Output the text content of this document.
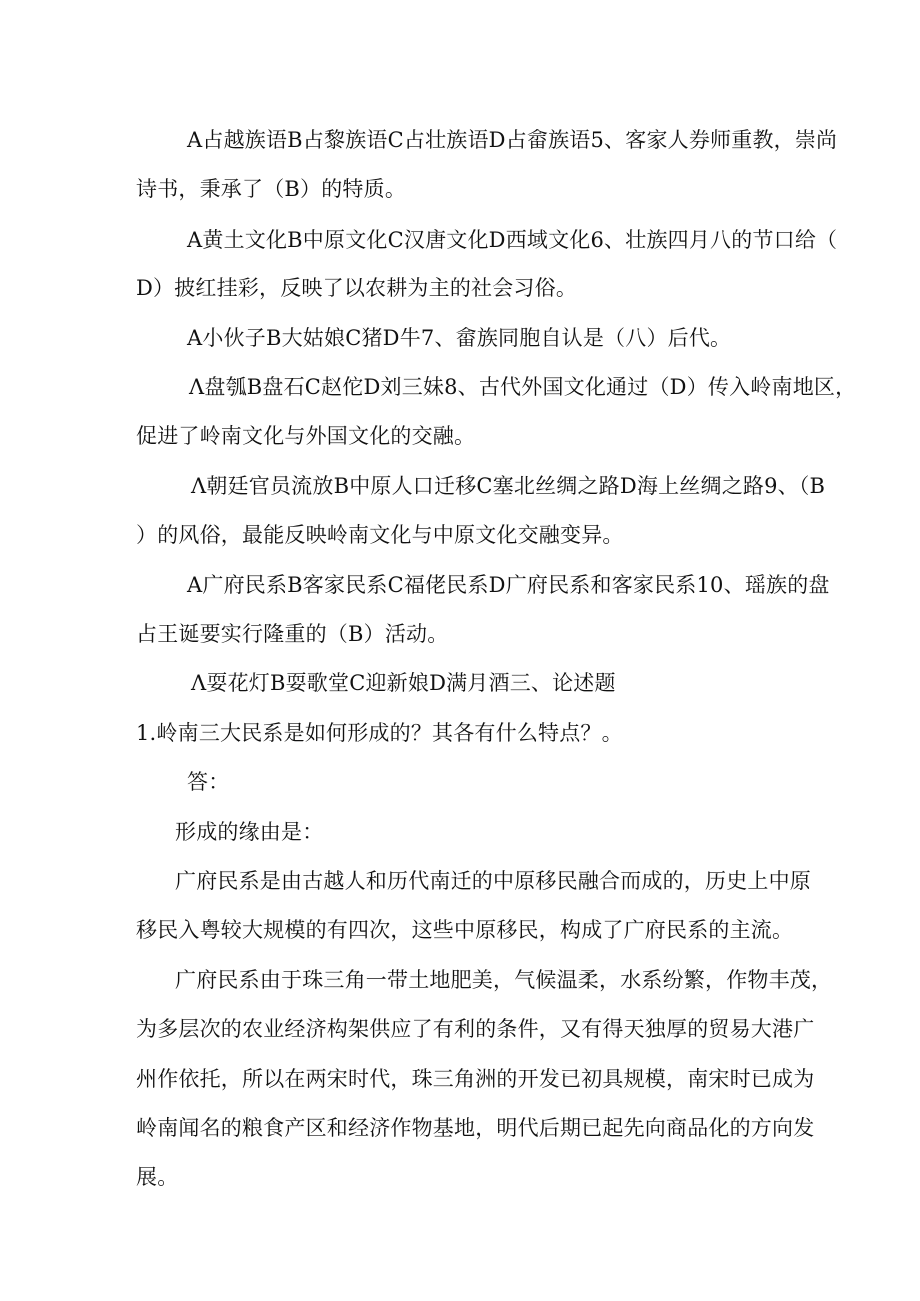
A占越族语B占黎族语C占壮族语D占畲族语5、客家人券师重教，崇尚
诗书，秉承了（B）的特质。
A黄土文化B中原文化C汉唐文化D西域文化6、壮族四月八的节口给（
D）披红挂彩，反映了以农耕为主的社会习俗。
A小伙子B大姑娘C猪D牛7、畲族同胞自认是（八）后代。
Λ盘瓠B盘石C赵佗D刘三妹8、古代外国文化通过（D）传入岭南地区，
促进了岭南文化与外国文化的交融。
Λ朝廷官员流放B中原人口迁移C塞北丝绸之路D海上丝绸之路9、（B
）的风俗，最能反映岭南文化与中原文化交融变异。
A广府民系B客家民系C福佬民系D广府民系和客家民系10、瑶族的盘
占王诞要实行隆重的（B）活动。
Λ耍花灯B耍歌堂C迎新娘D满月酒三、论述题
1.岭南三大民系是如何形成的？其各有什么特点？。
答：
形成的缘由是：
广府民系是由古越人和历代南迁的中原移民融合而成的，历史上中原
移民入粤较大规模的有四次，这些中原移民，构成了广府民系的主流。
广府民系由于珠三角一带土地肥美，气候温柔，水系纷繁，作物丰茂，
为多层次的农业经济构架供应了有利的条件，又有得天独厚的贸易大港广
州作依托，所以在两宋时代，珠三角洲的开发已初具规模，南宋时已成为
岭南闻名的粮食产区和经济作物基地，明代后期已起先向商品化的方向发
展。
